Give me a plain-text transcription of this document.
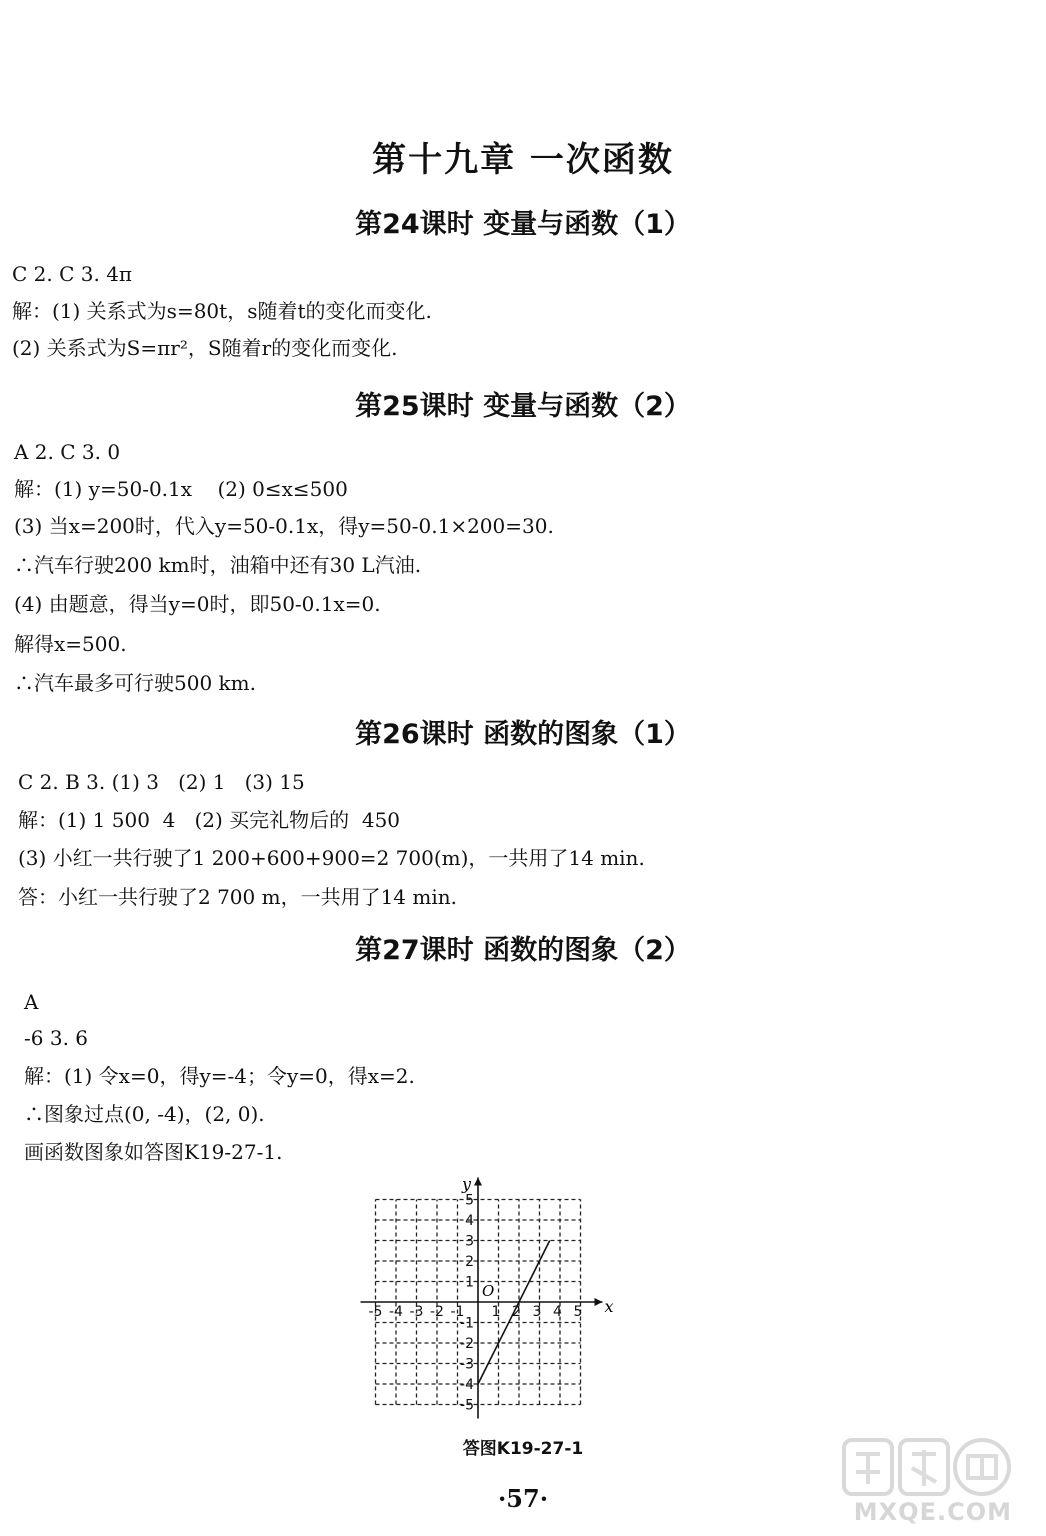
第十九章 一次函数
第24课时 变量与函数（1）
C 2. C 3. 4π
解：(1) 关系式为s=80t，s随着t的变化而变化.
(2) 关系式为S=πr²，S随着r的变化而变化.
第25课时 变量与函数（2）
A 2. C 3. 0
解：(1) y=50-0.1x    (2) 0≤x≤500
(3) 当x=200时，代入y=50-0.1x，得y=50-0.1×200=30.
∴汽车行驶200 km时，油箱中还有30 L汽油.
(4) 由题意，得当y=0时，即50-0.1x=0.
解得x=500.
∴汽车最多可行驶500 km.
第26课时 函数的图象（1）
C 2. B 3. (1) 3   (2) 1   (3) 15
解：(1) 1 500  4   (2) 买完礼物后的  450
(3) 小红一共行驶了1 200+600+900=2 700(m)，一共用了14 min.
答：小红一共行驶了2 700 m，一共用了14 min.
第27课时 函数的图象（2）
A
-6 3. 6
解：(1) 令x=0，得y=-4；令y=0，得x=2.
∴图象过点(0, -4)，(2, 0).
画函数图象如答图K19-27-1.
-5 -4 -3 -2 -1 1 2 3 4 5
5
4
3
2
1
-1
-2
-3
-4
-5
x
y
O
答图K19-27-1
·57·	MXQE.COM
